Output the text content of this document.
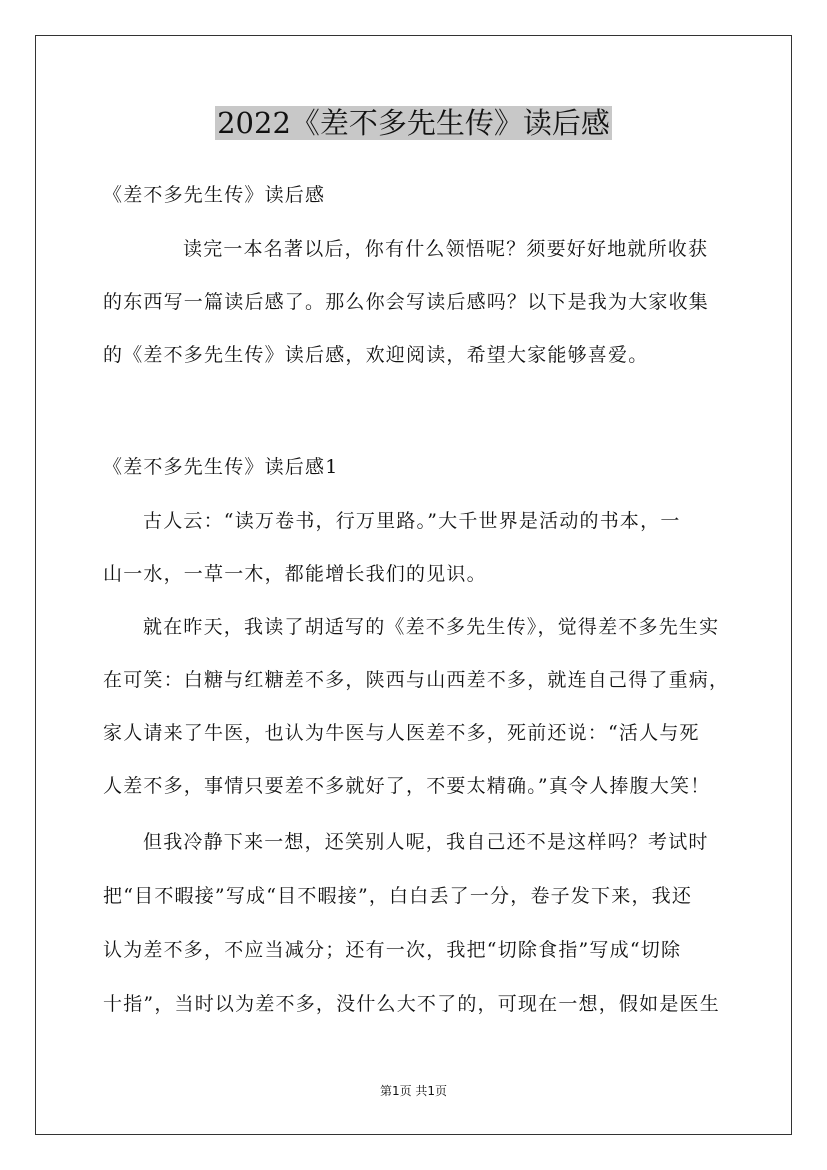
2022《差不多先生传》读后感
《差不多先生传》读后感
读完一本名著以后，你有什么领悟呢？须要好好地就所收获
的东西写一篇读后感了。那么你会写读后感吗？以下是我为大家收集
的《差不多先生传》读后感，欢迎阅读，希望大家能够喜爱。
《差不多先生传》读后感1
古人云：“读万卷书，行万里路。”大千世界是活动的书本，一
山一水，一草一木，都能增长我们的见识。
就在昨天，我读了胡适写的《差不多先生传》，觉得差不多先生实
在可笑：白糖与红糖差不多，陕西与山西差不多，就连自己得了重病，
家人请来了牛医，也认为牛医与人医差不多，死前还说：“活人与死
人差不多，事情只要差不多就好了，不要太精确。”真令人捧腹大笑！
但我冷静下来一想，还笑别人呢，我自己还不是这样吗？考试时
把“目不暇接”写成“目不暇接”，白白丢了一分，卷子发下来，我还
认为差不多，不应当减分；还有一次，我把“切除食指”写成“切除
十指”，当时以为差不多，没什么大不了的，可现在一想，假如是医生
第1页 共1页
